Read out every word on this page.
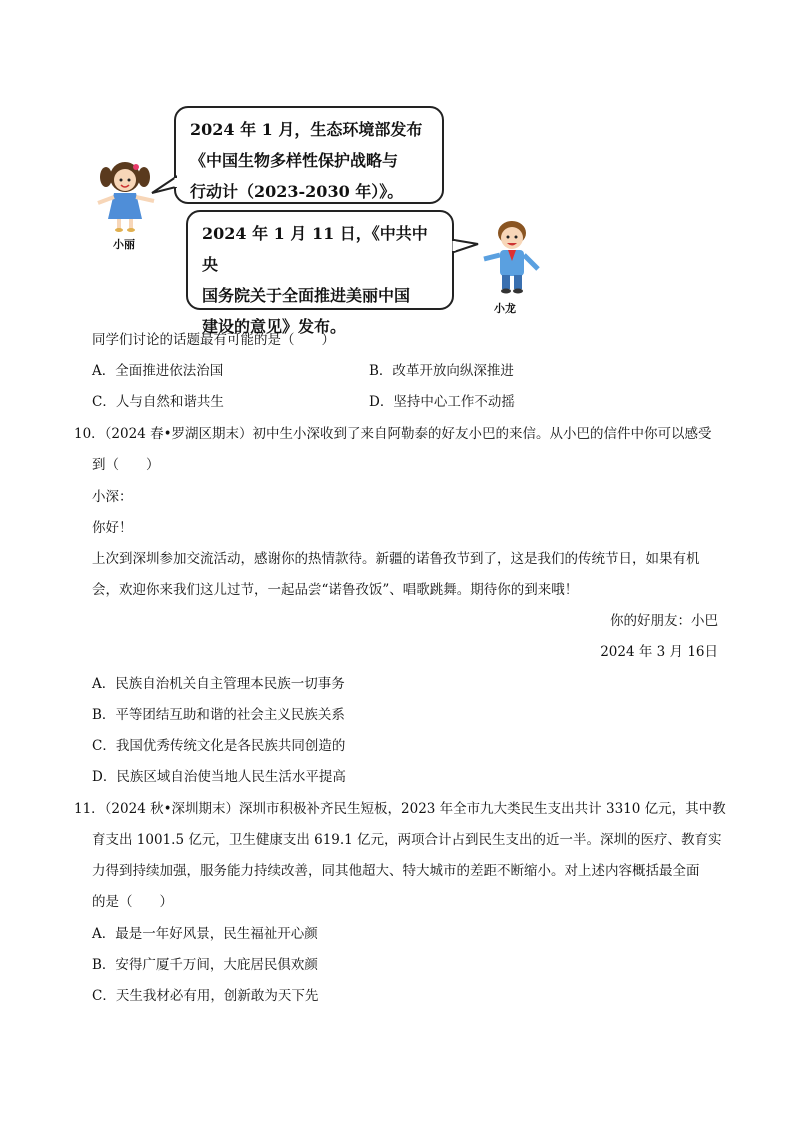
2024 年 1 月，生态环境部发布
《中国生物多样性保护战略与
行动计（2023-2030 年）》。
2024 年 1 月 11 日，《中共中央
国务院关于全面推进美丽中国
建设的意见》发布。
小丽
小龙
同学们讨论的话题最有可能的是（　　）
A．全面推进依法治国	B．改革开放向纵深推进
C．人与自然和谐共生	D．坚持中心工作不动摇
10．（2024 春•罗湖区期末）初中生小深收到了来自阿勒泰的好友小巴的来信。从小巴的信件中你可以感受
到（　　）
小深：
你好！
上次到深圳参加交流活动，感谢你的热情款待。新疆的诺鲁孜节到了，这是我们的传统节日，如果有机
会，欢迎你来我们这儿过节，一起品尝“诺鲁孜饭”、唱歌跳舞。期待你的到来哦！
你的好朋友：小巴
2024 年 3 月 16日
A．民族自治机关自主管理本民族一切事务
B．平等团结互助和谐的社会主义民族关系
C．我国优秀传统文化是各民族共同创造的
D．民族区域自治使当地人民生活水平提高
11．（2024 秋•深圳期末）深圳市积极补齐民生短板，2023 年全市九大类民生支出共计 3310 亿元，其中教
育支出 1001.5 亿元，卫生健康支出 619.1 亿元，两项合计占到民生支出的近一半。深圳的医疗、教育实
力得到持续加强，服务能力持续改善，同其他超大、特大城市的差距不断缩小。对上述内容概括最全面
的是（　　）
A．最是一年好风景，民生福祉开心颜
B．安得广厦千万间，大庇居民俱欢颜
C．天生我材必有用，创新敢为天下先
